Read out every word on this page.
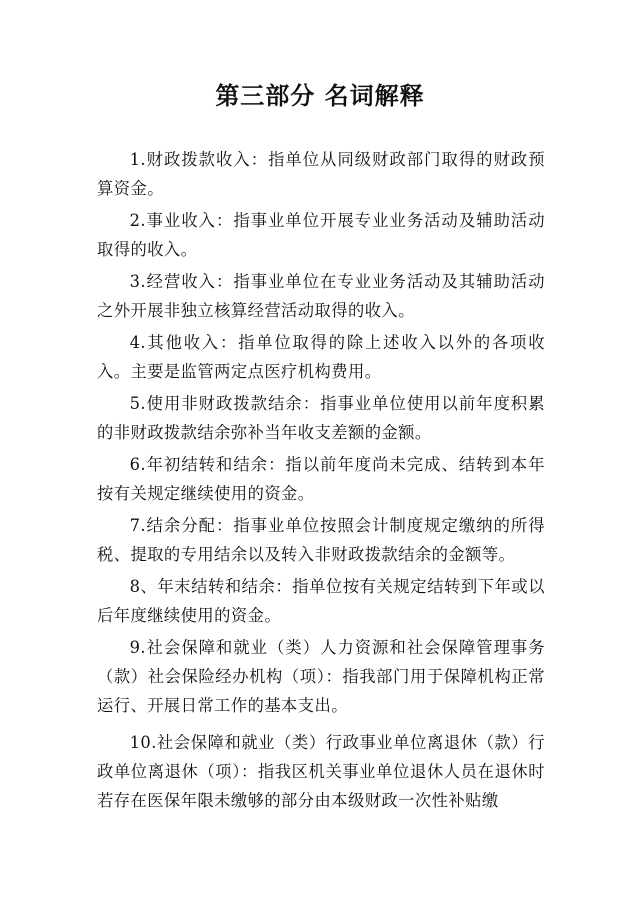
第三部分 名词解释

1.财政拨款收入：指单位从同级财政部门取得的财政预算资金。

2.事业收入：指事业单位开展专业业务活动及辅助活动取得的收入。

3.经营收入：指事业单位在专业业务活动及其辅助活动之外开展非独立核算经营活动取得的收入。

4.其他收入：指单位取得的除上述收入以外的各项收入。主要是监管两定点医疗机构费用。

5.使用非财政拨款结余：指事业单位使用以前年度积累的非财政拨款结余弥补当年收支差额的金额。

6.年初结转和结余：指以前年度尚未完成、结转到本年按有关规定继续使用的资金。

7.结余分配：指事业单位按照会计制度规定缴纳的所得税、提取的专用结余以及转入非财政拨款结余的金额等。

8、年末结转和结余：指单位按有关规定结转到下年或以后年度继续使用的资金。

9.社会保障和就业（类）人力资源和社会保障管理事务（款）社会保险经办机构（项）：指我部门用于保障机构正常运行、开展日常工作的基本支出。

10.社会保障和就业（类）行政事业单位离退休（款）行政单位离退休（项）：指我区机关事业单位退休人员在退休时若存在医保年限未缴够的部分由本级财政一次性补贴缴
